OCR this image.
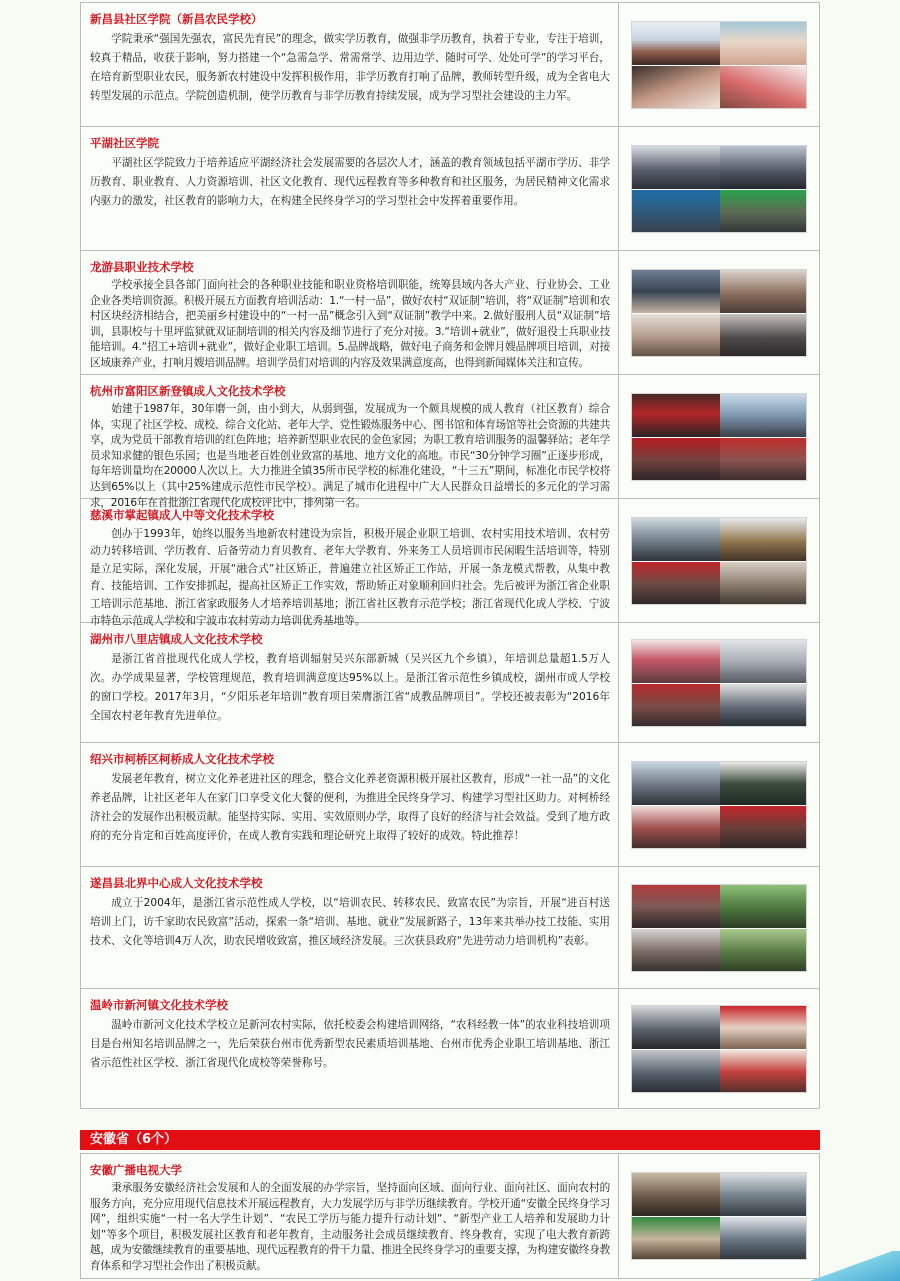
新昌县社区学院（新昌农民学校）
学院秉承“强国先强农，富民先育民”的理念，做实学历教育，做强非学历教育，执着于专业，专注于培训，较真于精品，收获于影响，努力搭建一个“急需急学、常需常学、边用边学、随时可学、处处可学”的学习平台，在培育新型职业农民，服务新农村建设中发挥积极作用，非学历教育打响了品牌，教师转型升级，成为全省电大转型发展的示范点。学院创造机制，使学历教育与非学历教育持续发展，成为学习型社会建设的主力军。
平湖社区学院
平湖社区学院致力于培养适应平湖经济社会发展需要的各层次人才，涵盖的教育领域包括平湖市学历、非学历教育、职业教育、人力资源培训、社区文化教育、现代远程教育等多种教育和社区服务，为居民精神文化需求内驱力的激发，社区教育的影响力大，在构建全民终身学习的学习型社会中发挥着重要作用。
龙游县职业技术学校
学校承接全县各部门面向社会的各种职业技能和职业资格培训职能，统筹县域内各大产业、行业协会、工业企业各类培训资源。积极开展五方面教育培训活动：1.“一村一品”，做好农村“双证制”培训，将“双证制”培训和农村区块经济相结合，把美丽乡村建设中的“一村一品”概念引入到“双证制”教学中来。2.做好服刑人员“双证制”培训，县职校与十里坪监狱就双证制培训的相关内容及细节进行了充分对接。3.“培训+就业”，做好退役士兵职业技能培训。4.“招工+培训+就业”，做好企业职工培训。5.品牌战略，做好电子商务和金牌月嫂品牌项目培训，对接区域康养产业，打响月嫂培训品牌。培训学员们对培训的内容及效果满意度高，也得到新闻媒体关注和宣传。
杭州市富阳区新登镇成人文化技术学校
始建于1987年，30年磨一剑，由小到大，从弱到强，发展成为一个颇具规模的成人教育（社区教育）综合体，实现了社区学校、成校、综合文化站、老年大学、党性锻炼服务中心、图书馆和体育场馆等社会资源的共建共享，成为党员干部教育培训的红色阵地；培养新型职业农民的金色家园；为职工教育培训服务的温馨驿站；老年学员求知求健的银色乐园；也是当地老百姓创业致富的基地、地方文化的高地。市民“30分钟学习圈”正逐步形成，每年培训量均在20000人次以上。大力推进全镇35所市民学校的标准化建设，“十三五”期间，标准化市民学校将达到65%以上（其中25%建成示范性市民学校）。满足了城市化进程中广大人民群众日益增长的多元化的学习需求，2016年在首批浙江省现代化成校评比中，排列第一名。
慈溪市掌起镇成人中等文化技术学校
创办于1993年，始终以服务当地新农村建设为宗旨，积极开展企业职工培训、农村实用技术培训、农村劳动力转移培训、学历教育、后备劳动力育贝教育、老年大学教育、外来务工人员培训市民闲暇生活培训等，特别是立足实际，深化发展，开展“融合式”社区矫正，普遍建立社区矫正工作站，开展一条龙模式帮教，从集中教育、技能培训、工作安排抓起，提高社区矫正工作实效，帮助矫正对象顺利回归社会。先后被评为浙江省企业职工培训示范基地、浙江省家政服务人才培养培训基地；浙江省社区教育示范学校；浙江省现代化成人学校、宁波市特色示范成人学校和宁波市农村劳动力培训优秀基地等。
湖州市八里店镇成人文化技术学校
是浙江省首批现代化成人学校，教育培训辐射吴兴东部新城（吴兴区九个乡镇），年培训总量超1.5万人次。办学成果显著，学校管理规范，教育培训满意度达95%以上。是浙江省示范性乡镇成校，湖州市成人学校的窗口学校。2017年3月，“夕阳乐老年培训”教育项目荣膺浙江省“成教品牌项目”。学校还被表彰为“2016年全国农村老年教育先进单位。
绍兴市柯桥区柯桥成人文化技术学校
发展老年教育，树立文化养老进社区的理念，整合文化养老资源积极开展社区教育，形成“一社一品”的文化养老品牌，让社区老年人在家门口享受文化大餐的便利，为推进全民终身学习、构建学习型社区助力。对柯桥经济社会的发展作出积极贡献。能坚持实际、实用、实效原则办学，取得了良好的经济与社会效益。受到了地方政府的充分肯定和百姓高度评价，在成人教育实践和理论研究上取得了较好的成效。特此推荐！
遂昌县北界中心成人文化技术学校
成立于2004年，是浙江省示范性成人学校，以“培训农民、转移农民、致富农民”为宗旨，开展“进百村送培训上门，访千家助农民致富”活动，探索一条“培训、基地、就业”发展新路子，13年来共举办技工技能、实用技术、文化等培训4万人次，助农民增收致富，推区域经济发展。三次获县政府“先进劳动力培训机构”表彰。
温岭市新河镇文化技术学校
温岭市新河文化技术学校立足新河农村实际，依托校委会构建培训网络，“农科经教一体”的农业科技培训项目是台州知名培训品牌之一，先后荣获台州市优秀新型农民素质培训基地、台州市优秀企业职工培训基地、浙江省示范性社区学校、浙江省现代化成校等荣誉称号。
安徽省（6个）
安徽广播电视大学
秉承服务安徽经济社会发展和人的全面发展的办学宗旨，坚持面向区域、面向行业、面向社区、面向农村的服务方向，充分应用现代信息技术开展远程教育，大力发展学历与非学历继续教育。学校开通“安徽全民终身学习网”，组织实施“一村一名大学生计划”、“农民工学历与能力提升行动计划”、“新型产业工人培养和发展助力计划”等多个项目，积极发展社区教育和老年教育，主动服务社会成员继续教育、终身教育，实现了电大教育新跨越，成为安徽继续教育的重要基地、现代远程教育的骨干力量、推进全民终身学习的重要支撑，为构建安徽终身教育体系和学习型社会作出了积极贡献。
